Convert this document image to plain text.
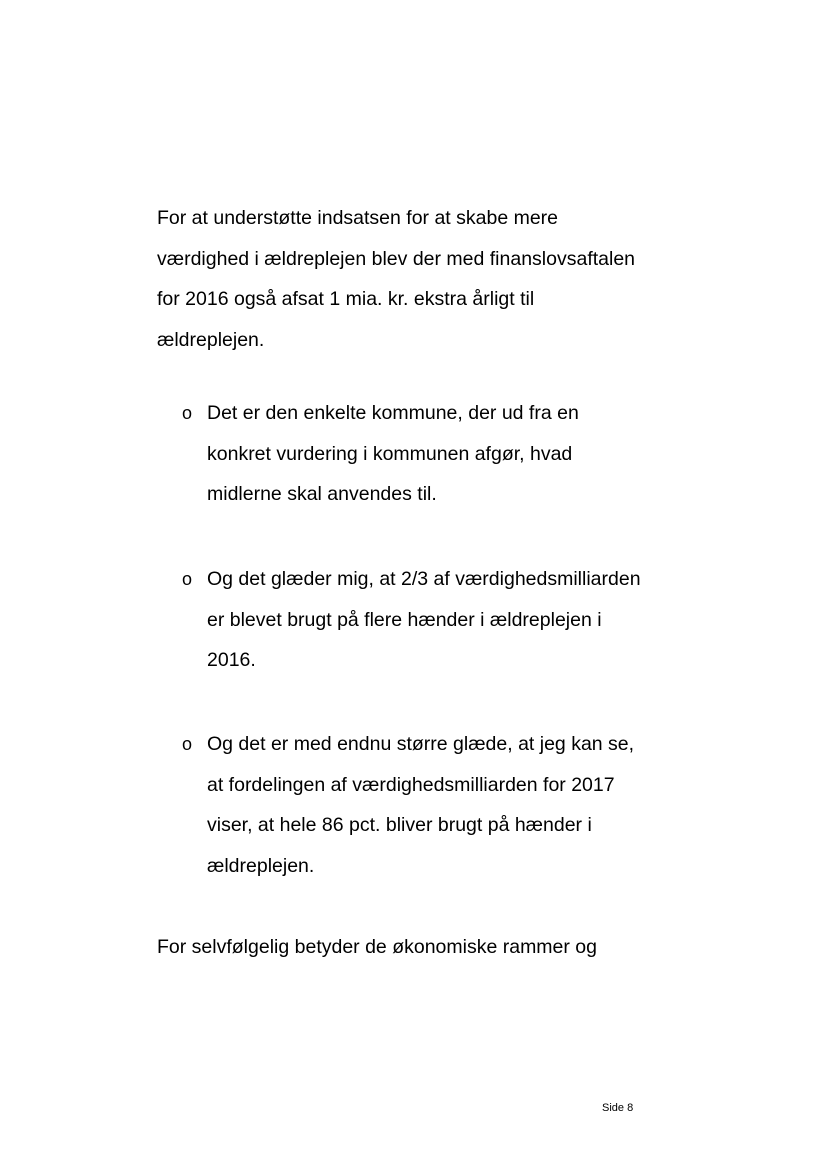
For at understøtte indsatsen for at skabe mere
værdighed i ældreplejen blev der med finanslovsaftalen
for 2016 også afsat 1 mia. kr. ekstra årligt til
ældreplejen.

o Det er den enkelte kommune, der ud fra en
konkret vurdering i kommunen afgør, hvad
midlerne skal anvendes til.
o Og det glæder mig, at 2/3 af værdighedsmilliarden
er blevet brugt på flere hænder i ældreplejen i
2016.
o Og det er med endnu større glæde, at jeg kan se,
at fordelingen af værdighedsmilliarden for 2017
viser, at hele 86 pct. bliver brugt på hænder i
ældreplejen.

For selvfølgelig betyder de økonomiske rammer og

Side 8
